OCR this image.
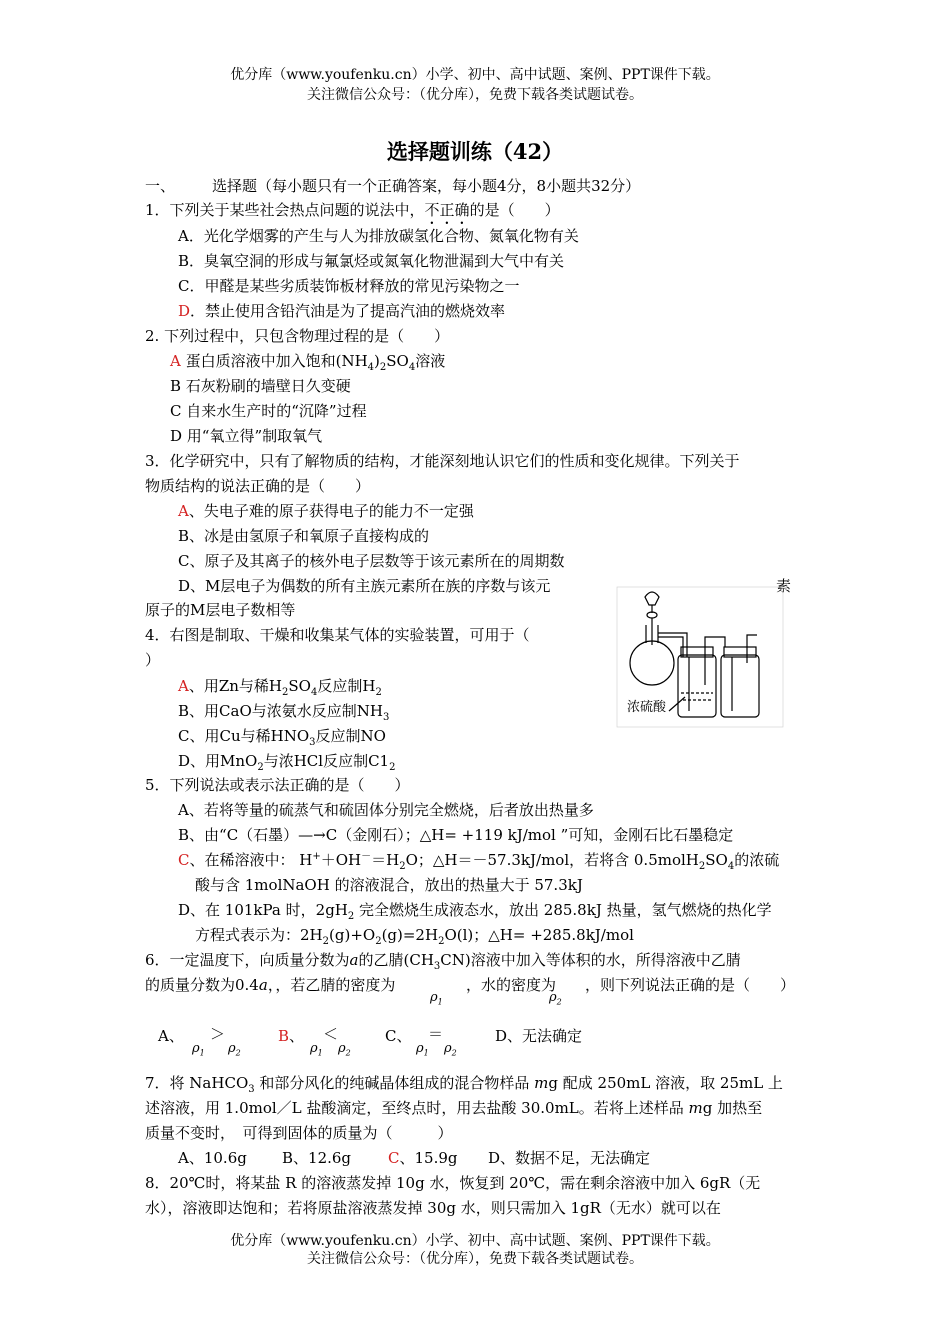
优分库（www.youfenku.cn）小学、初中、高中试题、案例、PPT课件下载。
关注微信公众号：（优分库），免费下载各类试题试卷。
选择题训练（42）
一、 选择题（每小题只有一个正确答案，每小题4分，8小题共32分）
1．下列关于某些社会热点问题的说法中，不正确的是（　　）
A．光化学烟雾的产生与人为排放碳氢化合物、氮氧化物有关
B．臭氧空洞的形成与氟氯烃或氮氧化物泄漏到大气中有关
C．甲醛是某些劣质装饰板材释放的常见污染物之一
D．禁止使用含铅汽油是为了提高汽油的燃烧效率
2. 下列过程中，只包含物理过程的是（　　）
A 蛋白质溶液中加入饱和$(NH_4)_2SO_4$溶液
B 石灰粉刷的墙壁日久变硬
C 自来水生产时的“沉降”过程
D 用“氧立得”制取氧气
3．化学研究中，只有了解物质的结构，才能深刻地认识它们的性质和变化规律。下列关于
物质结构的说法正确的是（　　）
A、失电子难的原子获得电子的能力不一定强
B、冰是由氢原子和氧原子直接构成的
C、原子及其离子的核外电子层数等于该元素所在的周期数
D、M层电子为偶数的所有主族元素所在族的序数与该元	素
原子的M层电子数相等
4．右图是制取、干燥和收集某气体的实验装置，可用于（
）
A、用Zn与稀$H_2SO_4$反应制$H_2$
B、用CaO与浓氨水反应制$NH_3$
C、用Cu与稀$HNO_3$反应制NO
D、用MnO$_2$与浓HCl反应制$C1_2$
浓硫酸
5．下列说法或表示法正确的是（　　）
A、若将等量的硫蒸气和硫固体分别完全燃烧，后者放出热量多
B、由“C（石墨）—→C（金刚石）；△H= +119 kJ/mol ”可知，金刚石比石墨稳定
C、在稀溶液中： $H^++OH^-=H_2O$；△H＝－57.3kJ/mol，若将含 $0.5molH_2SO_4$的浓硫
酸与含 1molNaOH 的溶液混合，放出的热量大于 57.3kJ
D、在 101kPa 时，$2gH_2$ 完全燃烧生成液态水，放出 285.8kJ 热量，氢气燃烧的热化学
方程式表示为：$2H_2(g)+O_2(g)=2H_2O(l)$；△H= +285.8kJ/mol
6．一定温度下，向质量分数为a的乙腈$(CH_3CN)$溶液中加入等体积的水，所得溶液中乙腈
的质量分数为0.4a，，若乙腈的密度为	，水的密度为 ，则下列说法正确的是（　　）
$\rho_1$	$\rho_2$
A、 ＞
$\rho_1$ $\rho_2$
B、 ＜
$\rho_1$ $\rho_2$
C、 ＝
$\rho_1$ $\rho_2$
D、无法确定
7．将 NaHCO$_3$ 和部分风化的纯碱晶体组成的混合物样品 mg 配成 250mL 溶液，取 25mL 上
述溶液，用 1.0mol／L 盐酸滴定，至终点时，用去盐酸 30.0mL。若将上述样品 mg 加热至
质量不变时，　可得到固体的质量为（　　　）
A、10.6g B、12.6g C、15.9g D、数据不足，无法确定
8．20℃时，将某盐 R 的溶液蒸发掉 10g 水，恢复到 20℃，需在剩余溶液中加入 6gR（无
水），溶液即达饱和；若将原盐溶液蒸发掉 30g 水，则只需加入 1gR（无水）就可以在
优分库（www.youfenku.cn）小学、初中、高中试题、案例、PPT课件下载。
关注微信公众号：（优分库），免费下载各类试题试卷。
